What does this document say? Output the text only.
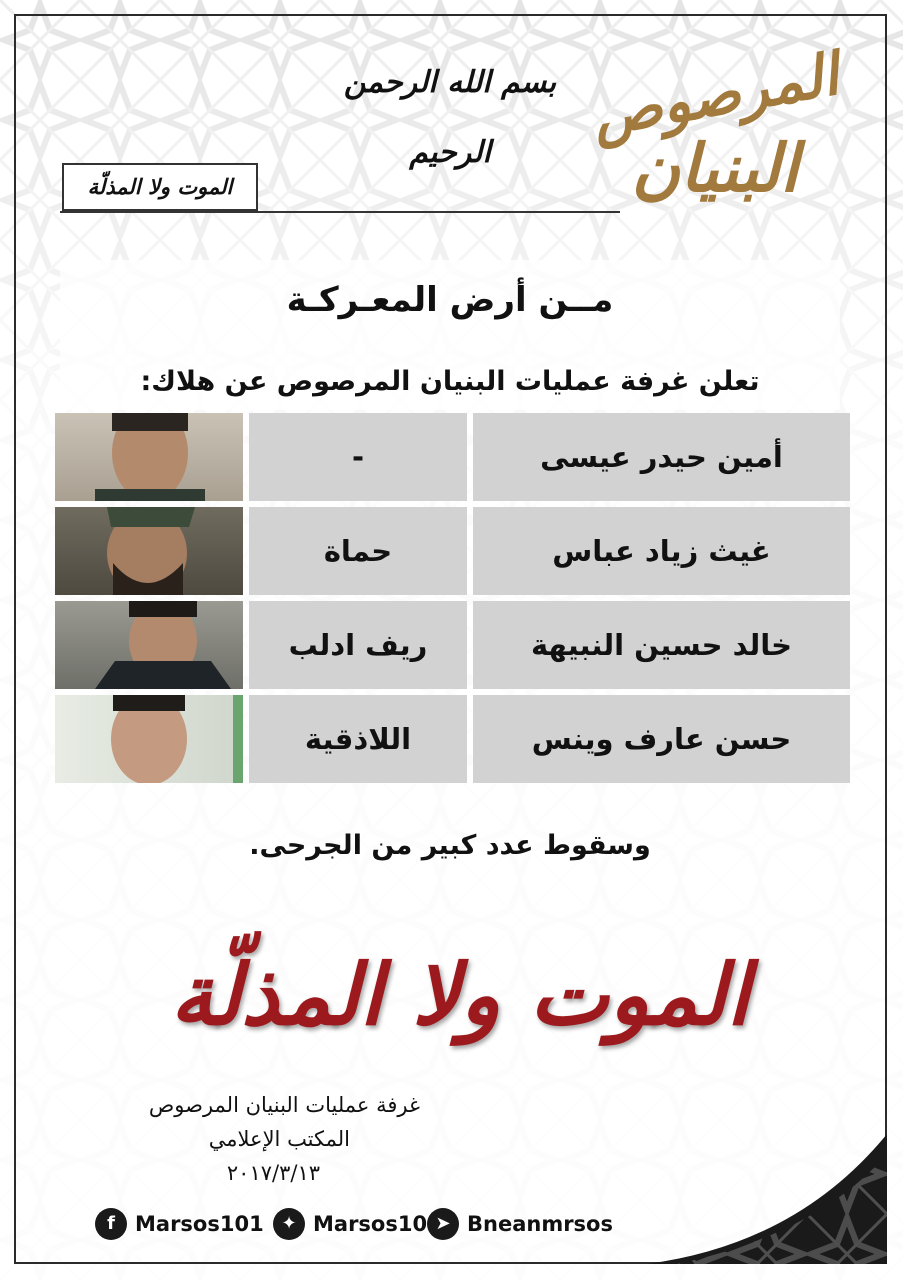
بسم الله الرحمن الرحيم
المرصوص
البنيان
الموت ولا المذلّة
مــن أرض المعـركـة
تعلن غرفة عمليات البنيان المرصوص عن هلاك:
أمين حيدر عيسى
-
غيث زياد عباس
حماة
خالد حسين النبيهة
ريف ادلب
حسن عارف وينس
اللاذقية
وسقوط عدد كبير من الجرحى.
الموت ولا المذلّة
غرفة عمليات البنيان المرصوص
المكتب الإعلامي
٢٠١٧/٣/١٣
f Marsos101 ✦ Marsos10 ➤ Bneanmrsos
